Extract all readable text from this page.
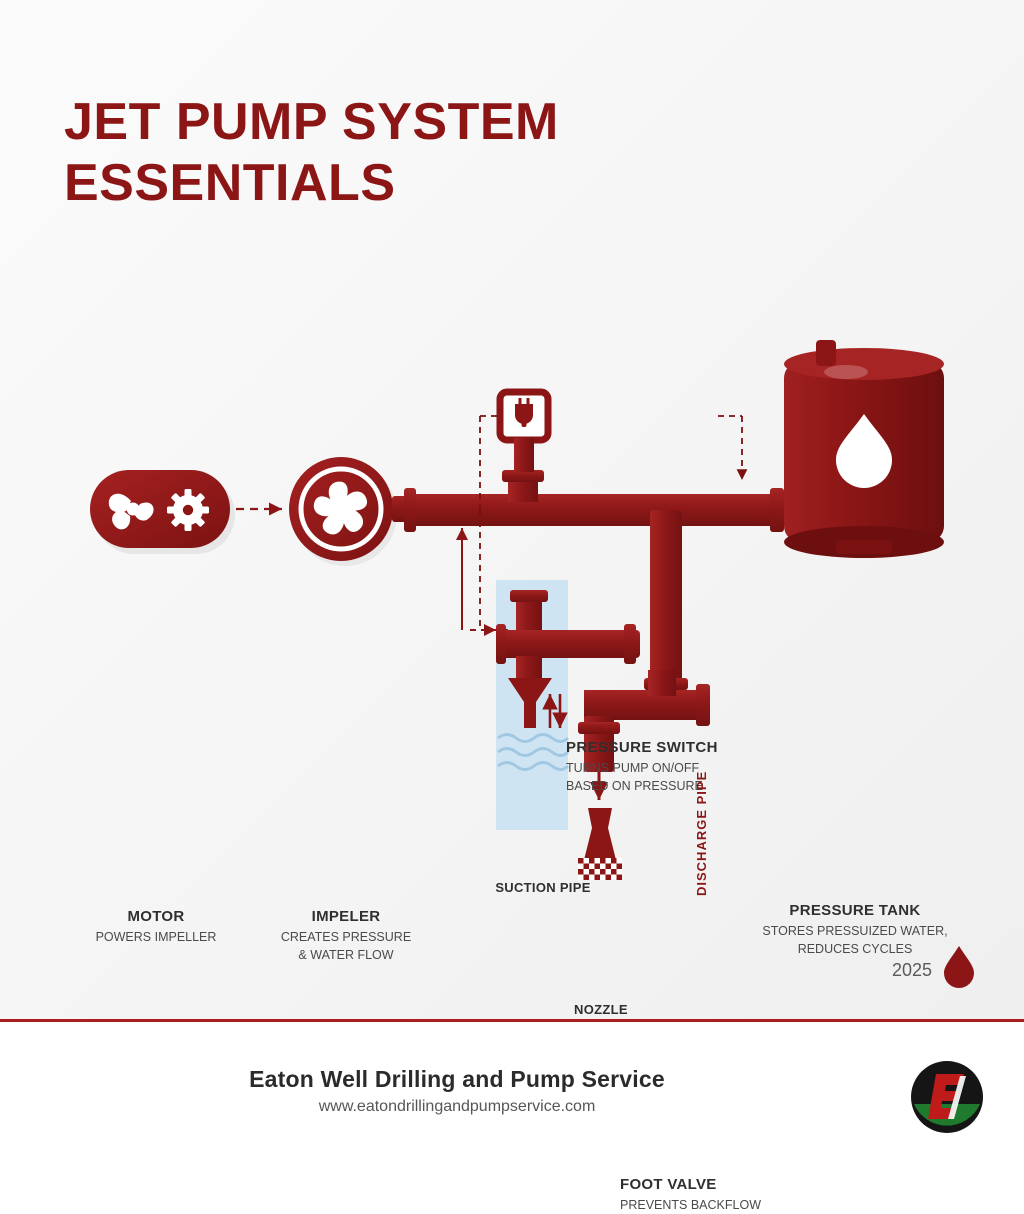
JET PUMP SYSTEM
ESSENTIALS
MOTOR
POWERS IMPELLER
IMPELER
CREATES PRESSURE
& WATER FLOW
PRESSURE SWITCH
TURNS PUMP ON/OFF
BASED ON PRESSURE
PRESSURE TANK
STORES PRESSUIZED WATER,
REDUCES CYCLES
FOOT VALVE
PREVENTS BACKFLOW
SUCTION PIPE
NOZZLE
DISCHARGE PIPE
2025
Eaton Well Drilling and Pump Service
www.eatondrillingandpumpservice.com
